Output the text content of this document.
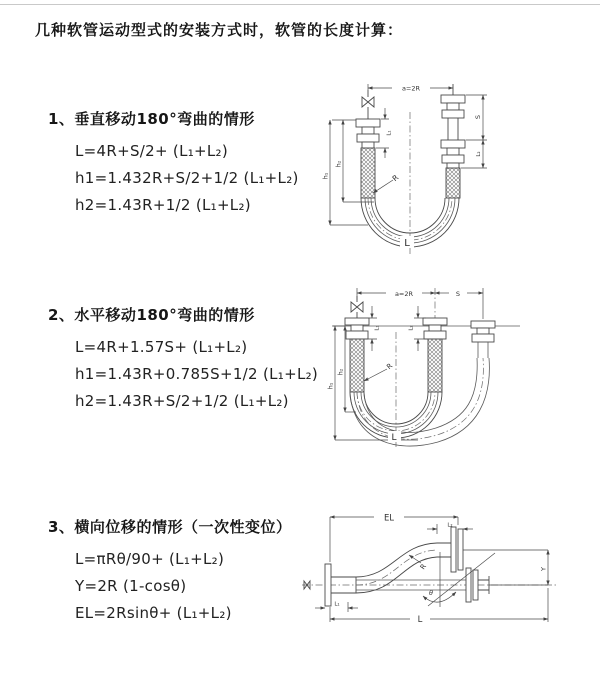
几种软管运动型式的安装方式时，软管的长度计算：
1、垂直移动180°弯曲的情形
L=4R+S/2+ (L₁+L₂)
h1=1.432R+S/2+1/2 (L₁+L₂)
h2=1.43R+1/2 (L₁+L₂)
2、水平移动180°弯曲的情形
L=4R+1.57S+ (L₁+L₂)
h1=1.43R+0.785S+1/2 (L₁+L₂)
h2=1.43R+S/2+1/2 (L₁+L₂)
3、横向位移的情形（一次性变位）
L=πRθ/90+ (L₁+L₂)
Y=2R (1-cosθ)
EL=2Rsinθ+ (L₁+L₂)
a=2R
S
L₂
h₁
h₂
L₁
R
L
a=2R	S
h₁
h₂
L₁	L₂
R
L
EL
L₂
Y
θ
R
L
L₁
